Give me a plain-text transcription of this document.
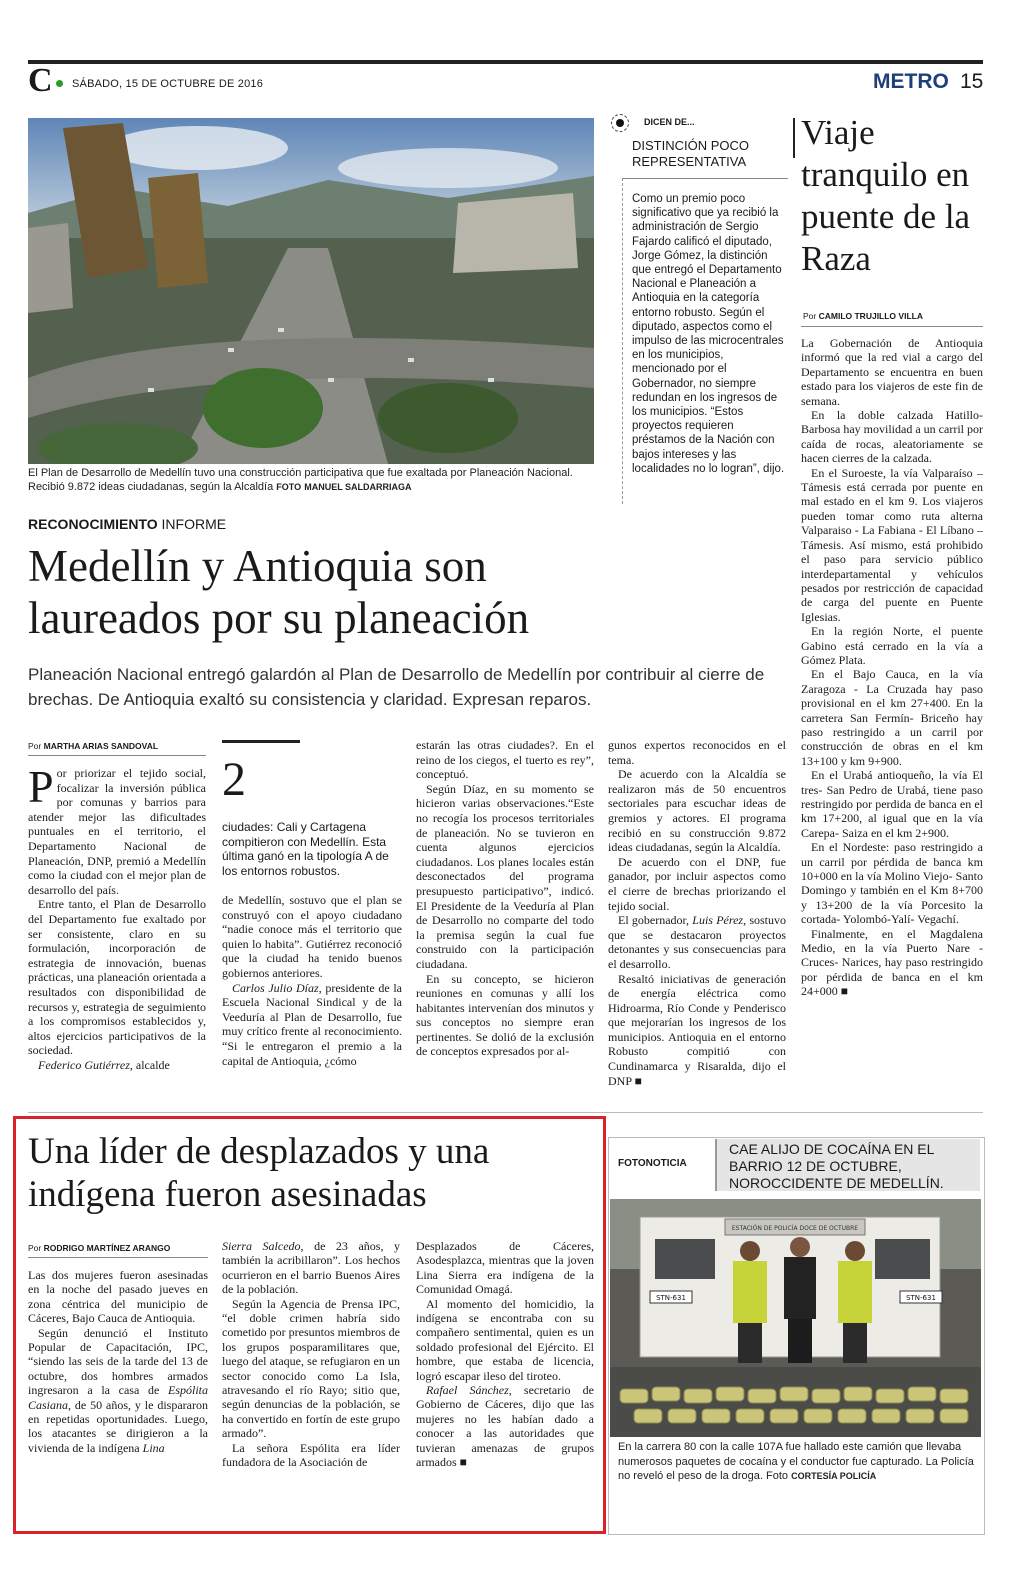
C SÁBADO, 15 DE OCTUBRE DE 2016	METRO 15
El Plan de Desarrollo de Medellín tuvo una construcción participativa que fue exaltada por Planeación Nacional. Recibió 9.872 ideas ciudadanas, según la Alcaldía FOTO MANUEL SALDARRIAGA
DICEN DE...
DISTINCIÓN POCO REPRESENTATIVA
Como un premio poco significativo que ya recibió la administración de Sergio Fajardo calificó el diputado, Jorge Gómez, la distinción que entregó el Departamento Nacional e Planeación a Antioquia en la categoría entorno robusto. Según el diputado, aspectos como el impulso de las microcentrales en los municipios, mencionado por el Gobernador, no siempre redundan en los ingresos de los municipios. “Estos proyectos requieren préstamos de la Nación con bajos intereses y las localidades no lo logran”, dijo.
Viaje tranquilo en puente de la Raza
Por CAMILO TRUJILLO VILLA

La Gobernación de Antioquia informó que la red vial a cargo del Departamento se encuentra en buen estado para los viajeros de este fin de semana.

En la doble calzada Hatillo-Barbosa hay movilidad a un carril por caída de rocas, aleatoriamente se hacen cierres de la calzada.

En el Suroeste, la vía Valparaíso – Támesis está cerrada por puente en mal estado en el km 9. Los viajeros pueden tomar como ruta alterna Valparaiso - La Fabiana - El Líbano – Támesis. Así mismo, está prohibido el paso para servicio público interdepartamental y vehículos pesados por restricción de capacidad de carga del puente en Puente Iglesias.

En la región Norte, el puente Gabino está cerrado en la vía a Gómez Plata.

En el Bajo Cauca, en la vía Zaragoza - La Cruzada hay paso provisional en el km 27+400. En la carretera San Fermín- Briceño hay paso restringido a un carril por construcción de obras en el km 13+100 y km 9+900.

En el Urabá antioqueño, la vía El tres- San Pedro de Urabá, tiene paso restringido por perdida de banca en el km 17+200, al igual que en la vía Carepa- Saiza en el km 2+900.

En el Nordeste: paso restringido a un carril por pérdida de banca km 10+000 en la vía Molino Viejo- Santo Domingo y también en el Km 8+700 y 13+200 de la vía Porcesito la cortada- Yolombó-Yalí- Vegachí.

Finalmente, en el Magdalena Medio, en la vía Puerto Nare - Cruces- Narices, hay paso restringido por pérdida de banca en el km 24+000 ■

RECONOCIMIENTO INFORME
Medellín y Antioquia son laureados por su planeación
Planeación Nacional entregó galardón al Plan de Desarrollo de Medellín por contribuir al cierre de brechas. De Antioquia exaltó su consistencia y claridad. Expresan reparos.
Por MARTHA ARIAS SANDOVAL

Por priorizar el tejido social, focalizar la inversión pública por comunas y barrios para atender mejor las dificultades puntuales en el territorio, el Departamento Nacional de Planeación, DNP, premió a Medellín como la ciudad con el mejor plan de desarrollo del país.

Entre tanto, el Plan de Desarrollo del Departamento fue exaltado por ser consistente, claro en su formulación, incorporación de estrategia de innovación, buenas prácticas, una planeación orientada a resultados con disponibilidad de recursos y, estrategia de seguimiento a los compromisos establecidos y, altos ejercicios participativos de la sociedad.

Federico Gutiérrez, alcalde

2
ciudades: Cali y Cartagena compitieron con Medellín. Esta última ganó en la tipología A de los entornos robustos.

de Medellín, sostuvo que el plan se construyó con el apoyo ciudadano “nadie conoce más el territorio que quien lo habita”. Gutiérrez reconoció que la ciudad ha tenido buenos gobiernos anteriores.

Carlos Julio Díaz, presidente de la Escuela Nacional Sindical y de la Veeduría al Plan de Desarrollo, fue muy crítico frente al reconocimiento. “Si le entregaron el premio a la capital de Antioquia, ¿cómo

estarán las otras ciudades?. En el reino de los ciegos, el tuerto es rey”, conceptuó.

Según Díaz, en su momento se hicieron varias observaciones.“Este no recogía los procesos territoriales de planeación. No se tuvieron en cuenta algunos ejercicios ciudadanos. Los planes locales están desconectados del programa presupuesto participativo”, indicó. El Presidente de la Veeduría al Plan de Desarrollo no comparte del todo la premisa según la cual fue construido con la participación ciudadana.

En su concepto, se hicieron reuniones en comunas y allí los habitantes intervenían dos minutos y sus conceptos no siempre eran pertinentes. Se dolió de la exclusión de conceptos expresados por al-

gunos expertos reconocidos en el tema.

De acuerdo con la Alcaldía se realizaron más de 50 encuentros sectoriales para escuchar ideas de gremios y actores. El programa recibió en su construcción 9.872 ideas ciudadanas, según la Alcaldía.

De acuerdo con el DNP, fue ganador, por incluir aspectos como el cierre de brechas priorizando el tejido social.

El gobernador, Luis Pérez, sostuvo que se destacaron proyectos detonantes y sus consecuencias para el desarrollo.

Resaltó iniciativas de generación de energía eléctrica como Hidroarma, Río Conde y Penderisco que mejorarían los ingresos de los municipios. Antioquia en el entorno Robusto compitió con Cundinamarca y Risaralda, dijo el DNP ■

Una líder de desplazados y una indígena fueron asesinadas
Por RODRIGO MARTÍNEZ ARANGO

Las dos mujeres fueron asesinadas en la noche del pasado jueves en zona céntrica del municipio de Cáceres, Bajo Cauca de Antioquia.

Según denunció el Instituto Popular de Capacitación, IPC, “siendo las seis de la tarde del 13 de octubre, dos hombres armados ingresaron a la casa de Espólita Casiana, de 50 años, y le dispararon en repetidas oportunidades. Luego, los atacantes se dirigieron a la vivienda de la indígena Lina

Sierra Salcedo, de 23 años, y también la acribillaron”. Los hechos ocurrieron en el barrio Buenos Aires de la población.

Según la Agencia de Prensa IPC, “el doble crimen habría sido cometido por presuntos miembros de los grupos posparamilitares que, luego del ataque, se refugiaron en un sector conocido como La Isla, atravesando el río Rayo; sitio que, según denuncias de la población, se ha convertido en fortín de este grupo armado”.

La señora Espólita era líder fundadora de la Asociación de

Desplazados de Cáceres, Asodesplazca, mientras que la joven Lina Sierra era indígena de la Comunidad Omagá.

Al momento del homicidio, la indígena se encontraba con su compañero sentimental, quien es un soldado profesional del Ejército. El hombre, que estaba de licencia, logró escapar ileso del tiroteo.

Rafael Sánchez, secretario de Gobierno de Cáceres, dijo que las mujeres no les habían dado a conocer a las autoridades que tuvieran amenazas de grupos armados ■

FOTONOTICIA
CAE ALIJO DE COCAÍNA EN EL BARRIO 12 DE OCTUBRE, NOROCCIDENTE DE MEDELLÍN.
STN-631	STN-631
ESTACIÓN DE POLICÍA DOCE DE OCTUBRE
En la carrera 80 con la calle 107A fue hallado este camión que llevaba numerosos paquetes de cocaína y el conductor fue capturado. La Policía no reveló el peso de la droga. Foto CORTESÍA POLICÍA
